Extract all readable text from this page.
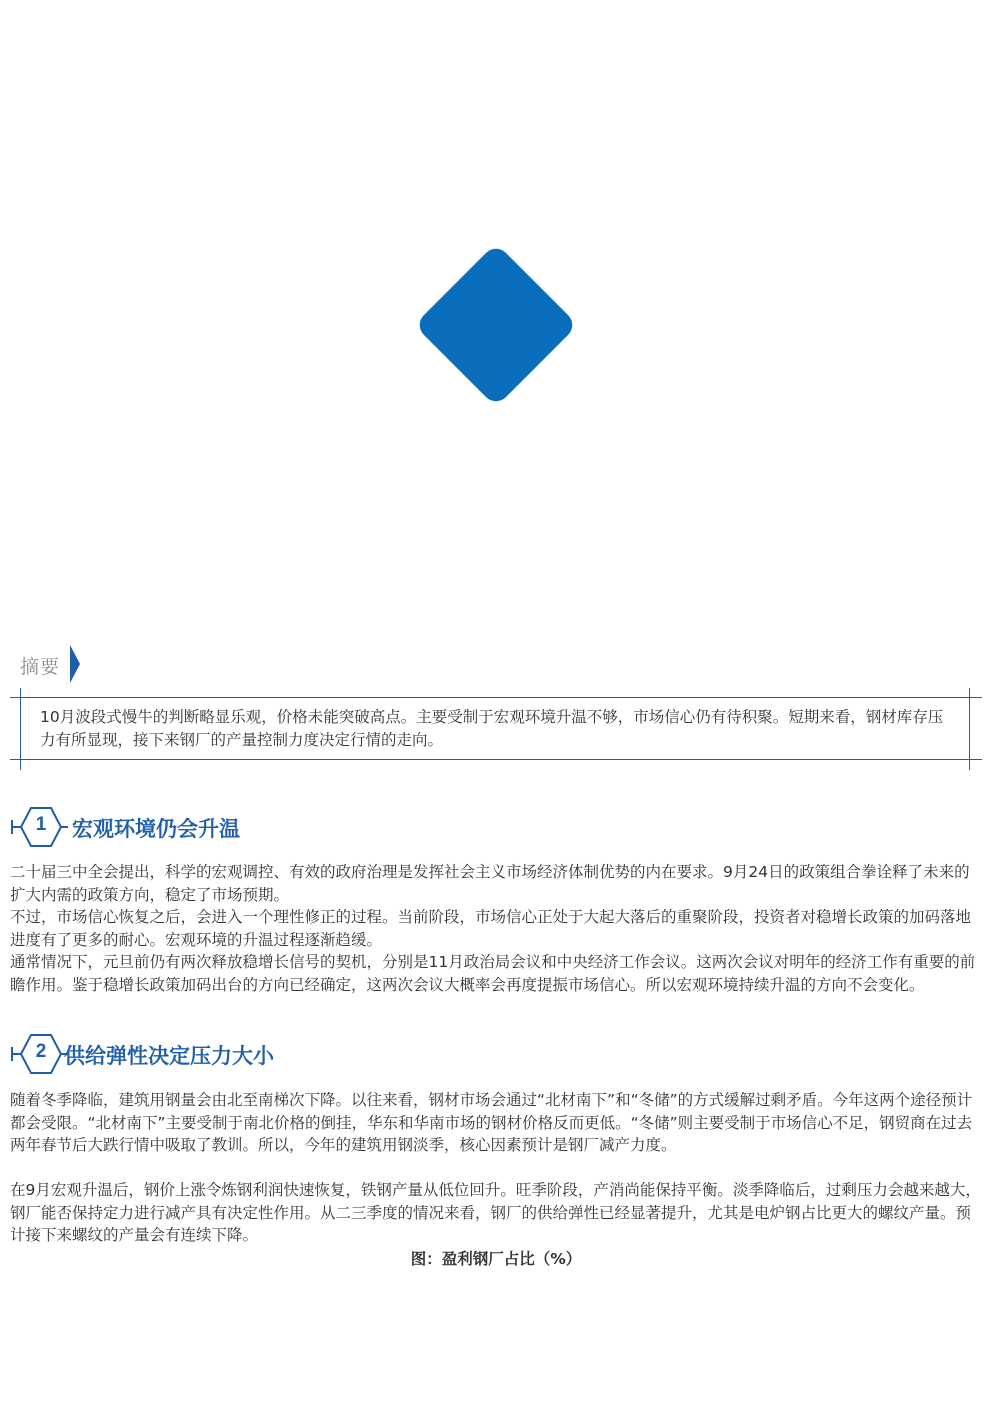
摘要
10月波段式慢牛的判断略显乐观，价格未能突破高点。主要受制于宏观环境升温不够，市场信心仍有待积聚。短期来看，钢材库存压力有所显现，接下来钢厂的产量控制力度决定行情的走向。
1 宏观环境仍会升温

二十届三中全会提出，科学的宏观调控、有效的政府治理是发挥社会主义市场经济体制优势的内在要求。9月24日的政策组合拳诠释了未来的扩大内需的政策方向，稳定了市场预期。

不过，市场信心恢复之后，会进入一个理性修正的过程。当前阶段，市场信心正处于大起大落后的重聚阶段，投资者对稳增长政策的加码落地进度有了更多的耐心。宏观环境的升温过程逐渐趋缓。

通常情况下，元旦前仍有两次释放稳增长信号的契机，分别是11月政治局会议和中央经济工作会议。这两次会议对明年的经济工作有重要的前瞻作用。鉴于稳增长政策加码出台的方向已经确定，这两次会议大概率会再度提振市场信心。所以宏观环境持续升温的方向不会变化。

2 供给弹性决定压力大小

随着冬季降临，建筑用钢量会由北至南梯次下降。以往来看，钢材市场会通过“北材南下”和“冬储”的方式缓解过剩矛盾。今年这两个途径预计都会受限。“北材南下”主要受制于南北价格的倒挂，华东和华南市场的钢材价格反而更低。“冬储”则主要受制于市场信心不足，钢贸商在过去两年春节后大跌行情中吸取了教训。所以，今年的建筑用钢淡季，核心因素预计是钢厂减产力度。

在9月宏观升温后，钢价上涨令炼钢利润快速恢复，铁钢产量从低位回升。旺季阶段，产消尚能保持平衡。淡季降临后，过剩压力会越来越大，钢厂能否保持定力进行减产具有决定性作用。从二三季度的情况来看，钢厂的供给弹性已经显著提升，尤其是电炉钢占比更大的螺纹产量。预计接下来螺纹的产量会有连续下降。

图：盈利钢厂占比（%）
